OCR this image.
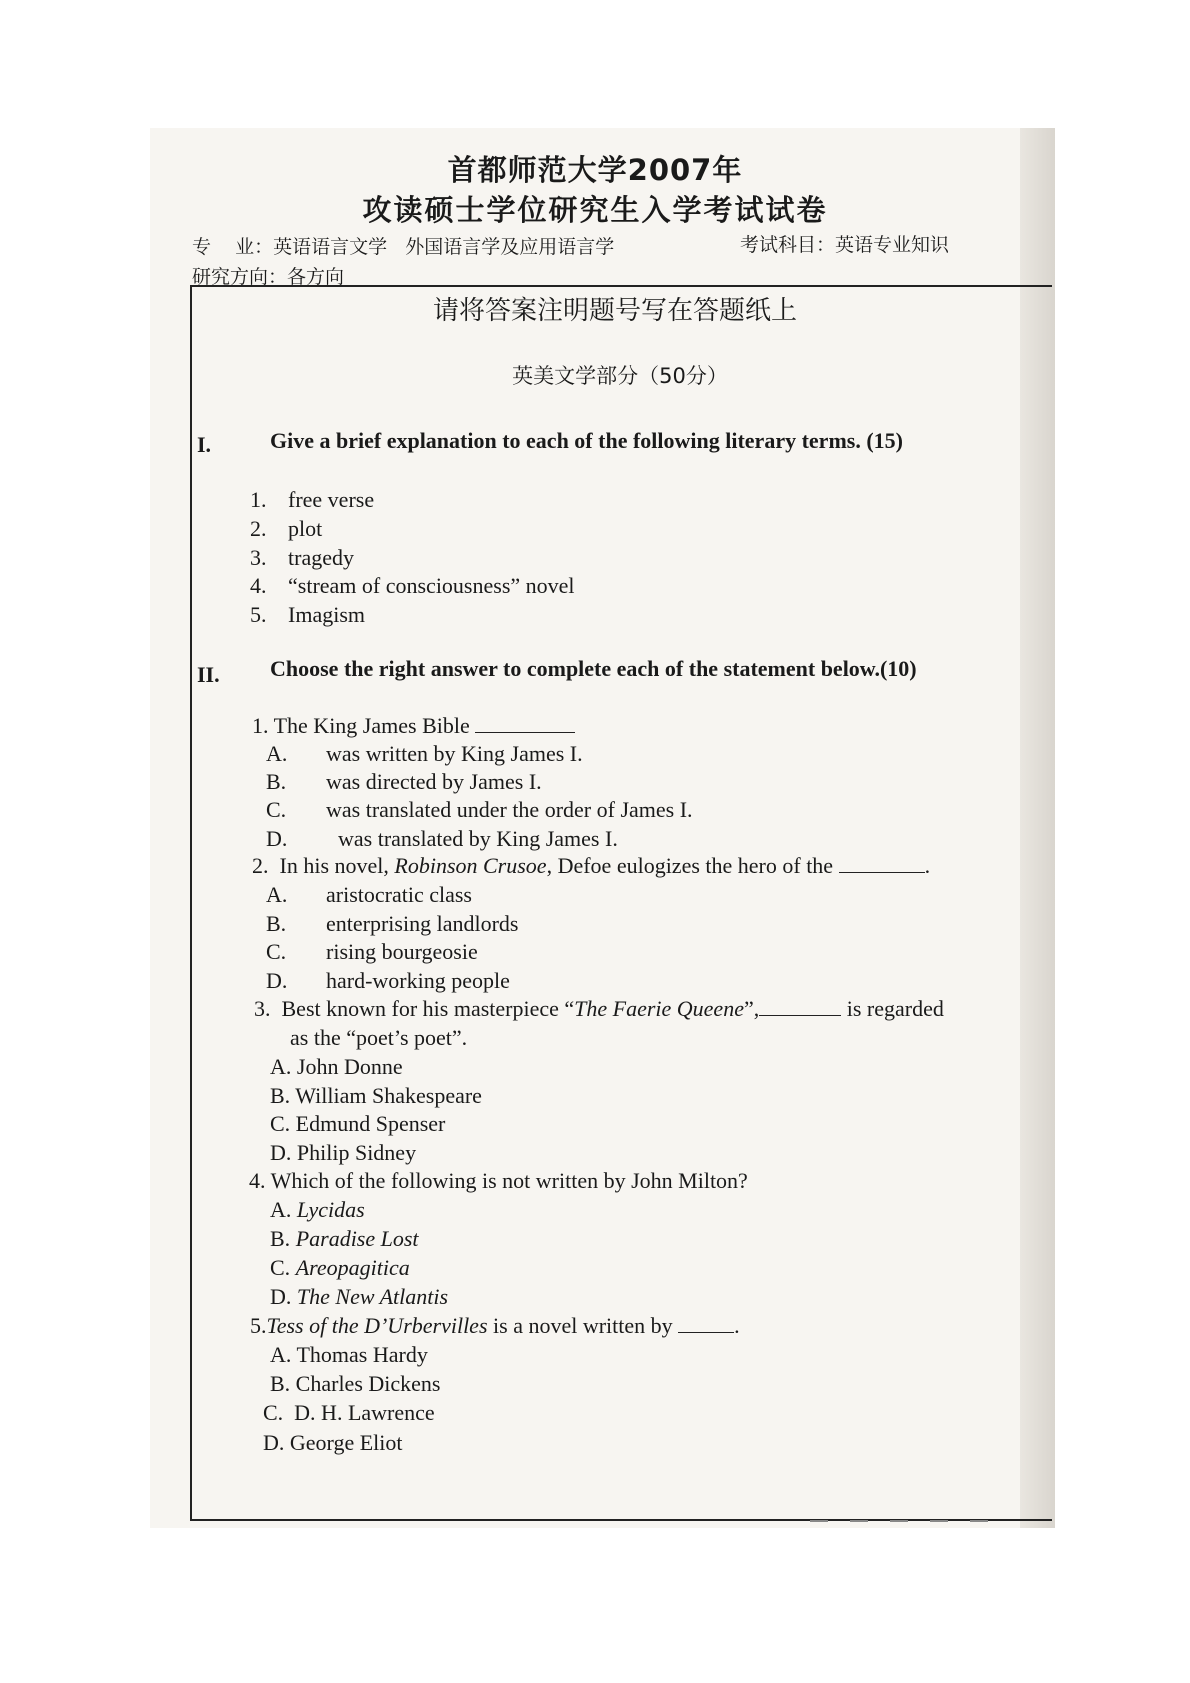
首都师范大学2007年
攻读硕士学位研究生入学考试试卷
专    业：英语语言文学   外国语言学及应用语言学	考试科目：英语专业知识
研究方向：各方向
请将答案注明题号写在答题纸上
英美文学部分（50分）
I.	Give a brief explanation to each of the following literary terms. (15)
1. free verse
2. plot
3. tragedy
4. “stream of consciousness” novel
5. Imagism
II. Choose the right answer to complete each of the statement below.(10)
1. The King James Bible
A. was written by King James I.
B. was directed by James I.
C. was translated under the order of James I.
D. was translated by King James I.
2.  In his novel, Robinson Crusoe, Defoe eulogizes the hero of the	.
A. aristocratic class
B. enterprising landlords
C. rising bourgeosie
D. hard-working people
3.  Best known for his masterpiece “The Faerie Queene”,	is regarded
as the “poet’s poet”.
A. John Donne
B. William Shakespeare
C. Edmund Spenser
D. Philip Sidney
4. Which of the following is not written by John Milton?
A. Lycidas
B. Paradise Lost
C. Areopagitica
D. The New Atlantis
5.Tess of the D’Urbervilles is a novel written by	.
A. Thomas Hardy
B. Charles Dickens
C.  D. H. Lawrence
D. George Eliot
